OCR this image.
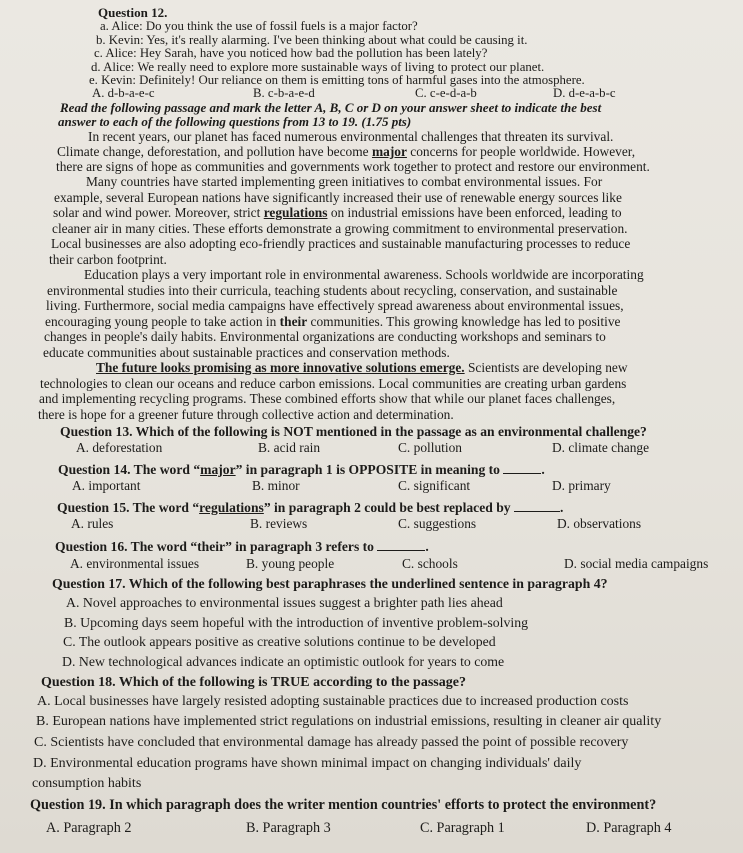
Question 12.
a. Alice: Do you think the use of fossil fuels is a major factor?
b. Kevin: Yes, it's really alarming. I've been thinking about what could be causing it.
c. Alice: Hey Sarah, have you noticed how bad the pollution has been lately?
d. Alice: We really need to explore more sustainable ways of living to protect our planet.
e. Kevin: Definitely! Our reliance on them is emitting tons of harmful gases into the atmosphere.
A. d-b-a-e-c	B. c-b-a-e-d	C. c-e-d-a-b	D. d-e-a-b-c
Read the following passage and mark the letter A, B, C or D on your answer sheet to indicate the best
answer to each of the following questions from 13 to 19. (1.75 pts)
In recent years, our planet has faced numerous environmental challenges that threaten its survival.
Climate change, deforestation, and pollution have become major concerns for people worldwide. However,
there are signs of hope as communities and governments work together to protect and restore our environment.
Many countries have started implementing green initiatives to combat environmental issues. For
example, several European nations have significantly increased their use of renewable energy sources like
solar and wind power. Moreover, strict regulations on industrial emissions have been enforced, leading to
cleaner air in many cities. These efforts demonstrate a growing commitment to environmental preservation.
Local businesses are also adopting eco-friendly practices and sustainable manufacturing processes to reduce
their carbon footprint.
Education plays a very important role in environmental awareness. Schools worldwide are incorporating
environmental studies into their curricula, teaching students about recycling, conservation, and sustainable
living. Furthermore, social media campaigns have effectively spread awareness about environmental issues,
encouraging young people to take action in their communities. This growing knowledge has led to positive
changes in people's daily habits. Environmental organizations are conducting workshops and seminars to
educate communities about sustainable practices and conservation methods.
The future looks promising as more innovative solutions emerge. Scientists are developing new
technologies to clean our oceans and reduce carbon emissions. Local communities are creating urban gardens
and implementing recycling programs. These combined efforts show that while our planet faces challenges,
there is hope for a greener future through collective action and determination.
Question 13. Which of the following is NOT mentioned in the passage as an environmental challenge?
A. deforestation	B. acid rain	C. pollution	D. climate change
Question 14. The word “major” in paragraph 1 is OPPOSITE in meaning to	.
A. important	B. minor	C. significant	D. primary
Question 15. The word “regulations” in paragraph 2 could be best replaced by	.
A. rules	B. reviews	C. suggestions	D. observations
Question 16. The word “their” in paragraph 3 refers to	.
A. environmental issues	B. young people	C. schools	D. social media campaigns
Question 17. Which of the following best paraphrases the underlined sentence in paragraph 4?
A. Novel approaches to environmental issues suggest a brighter path lies ahead
B. Upcoming days seem hopeful with the introduction of inventive problem-solving
C. The outlook appears positive as creative solutions continue to be developed
D. New technological advances indicate an optimistic outlook for years to come
Question 18. Which of the following is TRUE according to the passage?
A. Local businesses have largely resisted adopting sustainable practices due to increased production costs
B. European nations have implemented strict regulations on industrial emissions, resulting in cleaner air quality
C. Scientists have concluded that environmental damage has already passed the point of possible recovery
D. Environmental education programs have shown minimal impact on changing individuals' daily
consumption habits
Question 19. In which paragraph does the writer mention countries' efforts to protect the environment?
A. Paragraph 2	B. Paragraph 3	C. Paragraph 1	D. Paragraph 4
